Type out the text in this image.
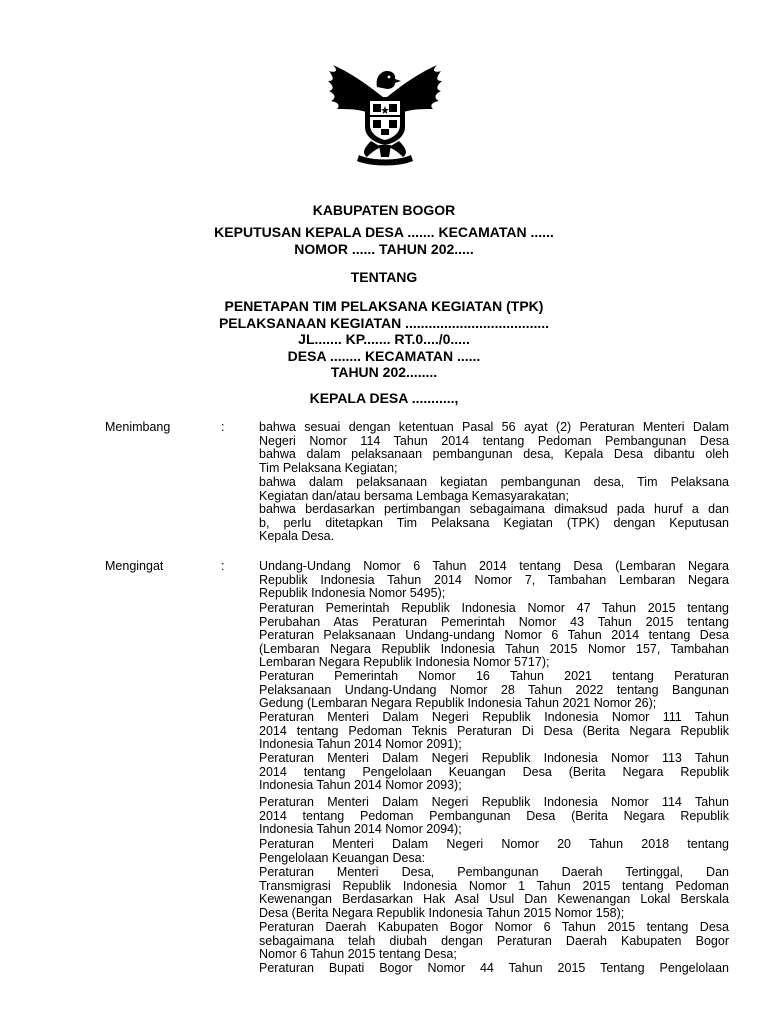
KABUPATEN BOGOR
KEPUTUSAN KEPALA DESA ....... KECAMATAN ......
NOMOR ...... TAHUN 202.....
TENTANG
PENETAPAN TIM PELAKSANA KEGIATAN (TPK)
PELAKSANAAN KEGIATAN .....................................
JL....... KP....... RT.0..../0.....
DESA ........ KECAMATAN ......
TAHUN 202........
KEPALA DESA ...........,
Menimbang	:	bahwa sesuai dengan ketentuan Pasal 56 ayat (2) Peraturan Menteri Dalam
Negeri Nomor 114 Tahun 2014 tentang Pedoman Pembangunan Desa
bahwa dalam pelaksanaan pembangunan desa, Kepala Desa dibantu oleh
Tim Pelaksana Kegiatan;
bahwa dalam pelaksanaan kegiatan pembangunan desa, Tim Pelaksana
Kegiatan dan/atau bersama Lembaga Kemasyarakatan;
bahwa berdasarkan pertimbangan sebagaimana dimaksud pada huruf a dan
b, perlu ditetapkan Tim Pelaksana Kegiatan (TPK) dengan Keputusan
Kepala Desa.
Mengingat	:	Undang-Undang Nomor 6 Tahun 2014 tentang Desa (Lembaran Negara
Republik Indonesia Tahun 2014 Nomor 7, Tambahan Lembaran Negara
Republik Indonesia Nomor 5495);
Peraturan Pemerintah Republik Indonesia Nomor 47 Tahun 2015 tentang
Perubahan Atas Peraturan Pemerintah Nomor 43 Tahun 2015 tentang
Peraturan Pelaksanaan Undang-undang Nomor 6 Tahun 2014 tentang Desa
(Lembaran Negara Republik Indonesia Tahun 2015 Nomor 157, Tambahan
Lembaran Negara Republik Indonesia Nomor 5717);
Peraturan Pemerintah Nomor 16 Tahun 2021 tentang Peraturan
Pelaksanaan Undang-Undang Nomor 28 Tahun 2022 tentang Bangunan
Gedung (Lembaran Negara Republik Indonesia Tahun 2021 Nomor 26);
Peraturan Menteri Dalam Negeri Republik Indonesia Nomor 111 Tahun
2014 tentang Pedoman Teknis Peraturan Di Desa (Berita Negara Republik
Indonesia Tahun 2014 Nomor 2091);
Peraturan Menteri Dalam Negeri Republik Indonesia Nomor 113 Tahun
2014 tentang Pengelolaan Keuangan Desa (Berita Negara Republik
Indonesia Tahun 2014 Nomor 2093);
Peraturan Menteri Dalam Negeri Republik Indonesia Nomor 114 Tahun
2014 tentang Pedoman Pembangunan Desa (Berita Negara Republik
Indonesia Tahun 2014 Nomor 2094);
Peraturan Menteri Dalam Negeri Nomor 20 Tahun 2018 tentang
Pengelolaan Keuangan Desa:
Peraturan Menteri Desa, Pembangunan Daerah Tertinggal, Dan
Transmigrasi Republik Indonesia Nomor 1 Tahun 2015 tentang Pedoman
Kewenangan Berdasarkan Hak Asal Usul Dan Kewenangan Lokal Berskala
Desa (Berita Negara Republik Indonesia Tahun 2015 Nomor 158);
Peraturan Daerah Kabupaten Bogor Nomor 6 Tahun 2015 tentang Desa
sebagaimana telah diubah dengan Peraturan Daerah Kabupaten Bogor
Nomor 6 Tahun 2015 tentang Desa;
Peraturan Bupati Bogor Nomor 44 Tahun 2015 Tentang Pengelolaan
